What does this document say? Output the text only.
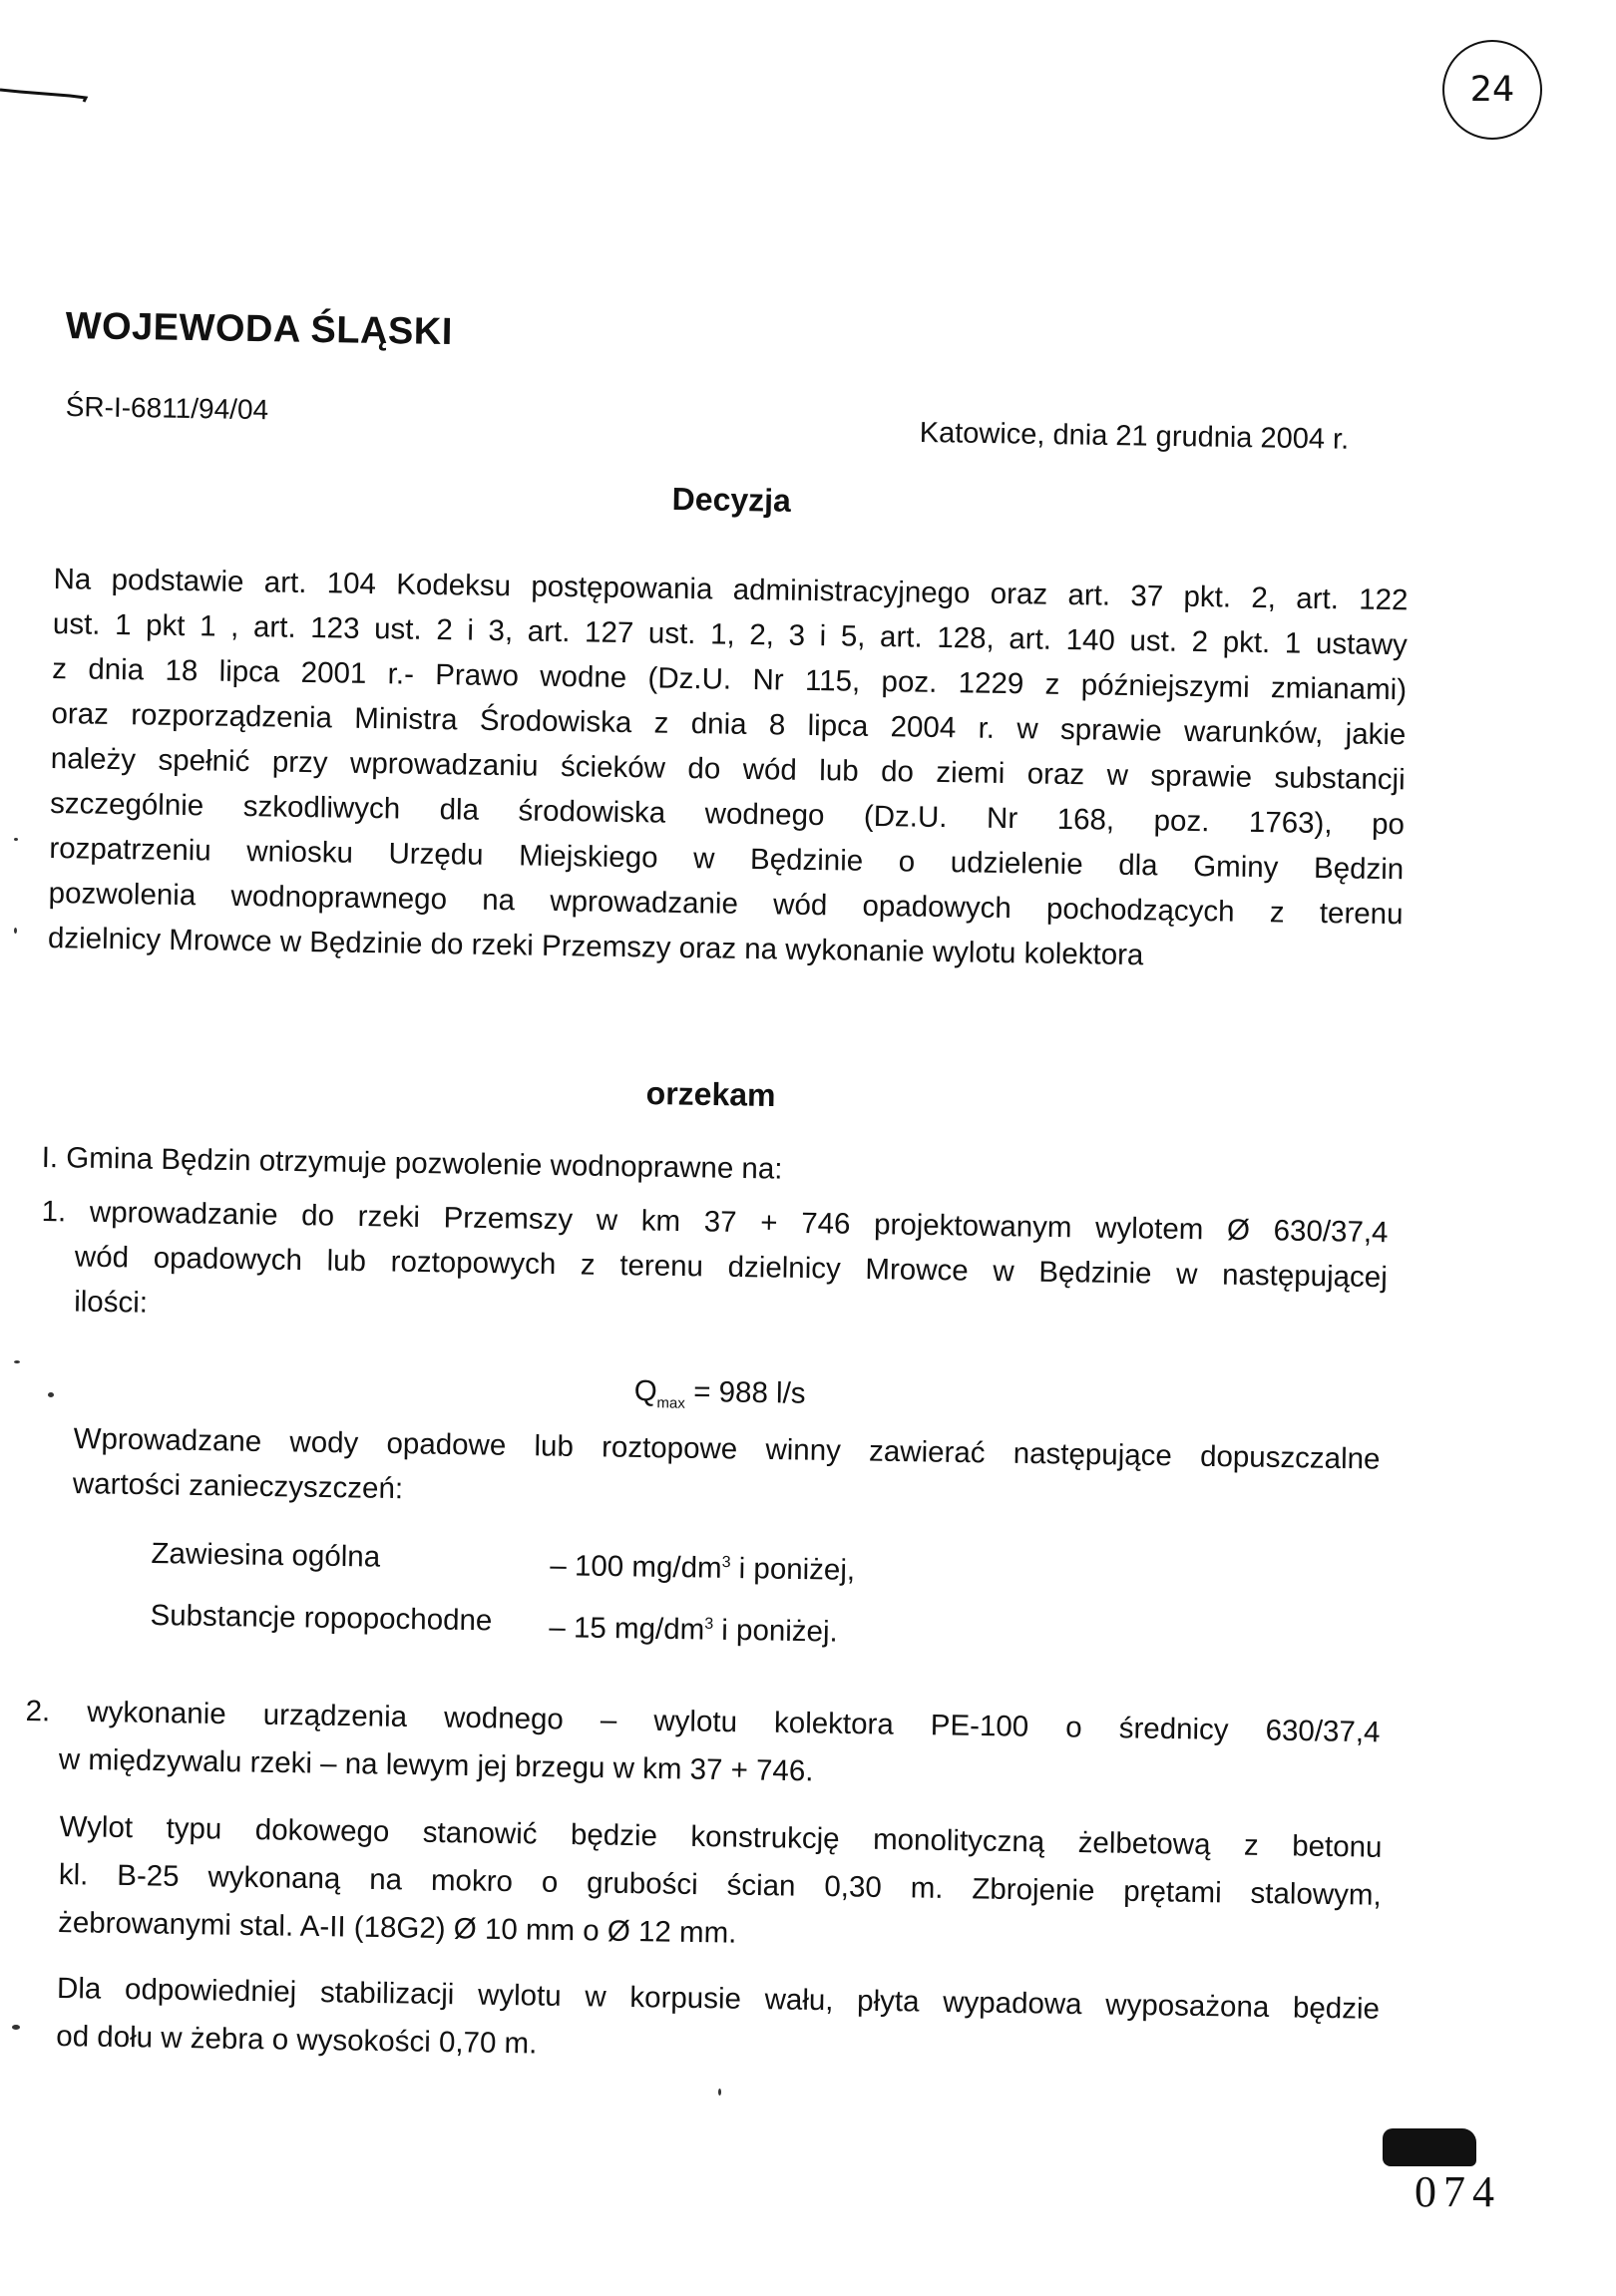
24
WOJEWODA ŚLĄSKI
ŚR-I-6811/94/04
Katowice, dnia 21 grudnia 2004 r.
Decyzja
Na podstawie art. 104 Kodeksu postępowania administracyjnego oraz art. 37 pkt. 2, art. 122
ust. 1 pkt 1 , art. 123 ust. 2 i 3, art. 127 ust. 1, 2, 3 i 5, art. 128, art. 140 ust. 2 pkt. 1 ustawy
z dnia 18 lipca 2001 r.- Prawo wodne (Dz.U. Nr 115, poz. 1229 z późniejszymi zmianami)
oraz rozporządzenia Ministra Środowiska z dnia 8 lipca 2004 r. w sprawie warunków, jakie
należy spełnić przy wprowadzaniu ścieków do wód lub do ziemi oraz w sprawie substancji
szczególnie szkodliwych dla środowiska wodnego (Dz.U. Nr 168, poz. 1763), po
rozpatrzeniu wniosku Urzędu Miejskiego w Będzinie o udzielenie dla Gminy Będzin
pozwolenia wodnoprawnego na wprowadzanie wód opadowych pochodzących z terenu
dzielnicy Mrowce w Będzinie do rzeki Przemszy oraz na wykonanie wylotu kolektora
orzekam
I. Gmina Będzin otrzymuje pozwolenie wodnoprawne na:
1. wprowadzanie do rzeki Przemszy w km 37 + 746 projektowanym wylotem Ø 630/37,4
wód opadowych lub roztopowych z terenu dzielnicy Mrowce w Będzinie w następującej
ilości:
$Q_{max} = 988$ l/s
Wprowadzane wody opadowe lub roztopowe winny zawierać następujące dopuszczalne
wartości zanieczyszczeń:
Zawiesina ogólna	– 100 $mg/dm^3$ i poniżej,
Substancje ropopochodne	– 15 $mg/dm^3$ i poniżej.
2. wykonanie urządzenia wodnego – wylotu kolektora PE-100 o średnicy 630/37,4
w międzywalu rzeki – na lewym jej brzegu w km 37 + 746.
Wylot typu dokowego stanowić będzie konstrukcję monolityczną żelbetową z betonu
kl. B-25 wykonaną na mokro o grubości ścian 0,30 m. Zbrojenie prętami stalowym,
żebrowanymi stal. A-II (18G2) Ø 10 mm o Ø 12 mm.
Dla odpowiedniej stabilizacji wylotu w korpusie wału, płyta wypadowa wyposażona będzie
od dołu w żebra o wysokości 0,70 m.
074
